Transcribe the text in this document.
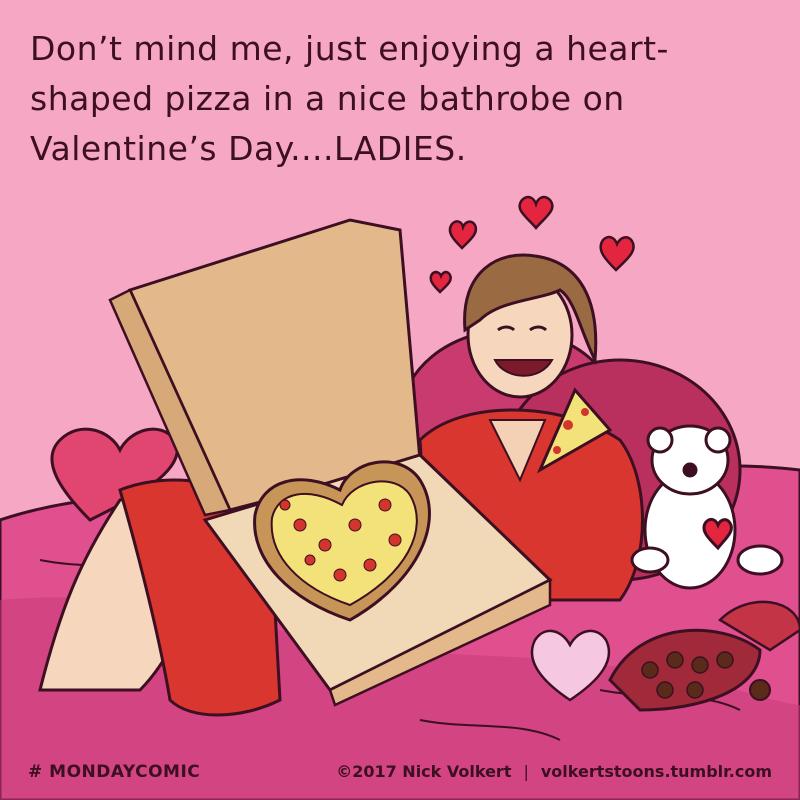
Don’t mind me, just enjoying a heart-
shaped pizza in a nice bathrobe on
Valentine’s Day....LADIES.
# MONDAYCOMIC	©2017 Nick Volkert | volkertstoons.tumblr.com
